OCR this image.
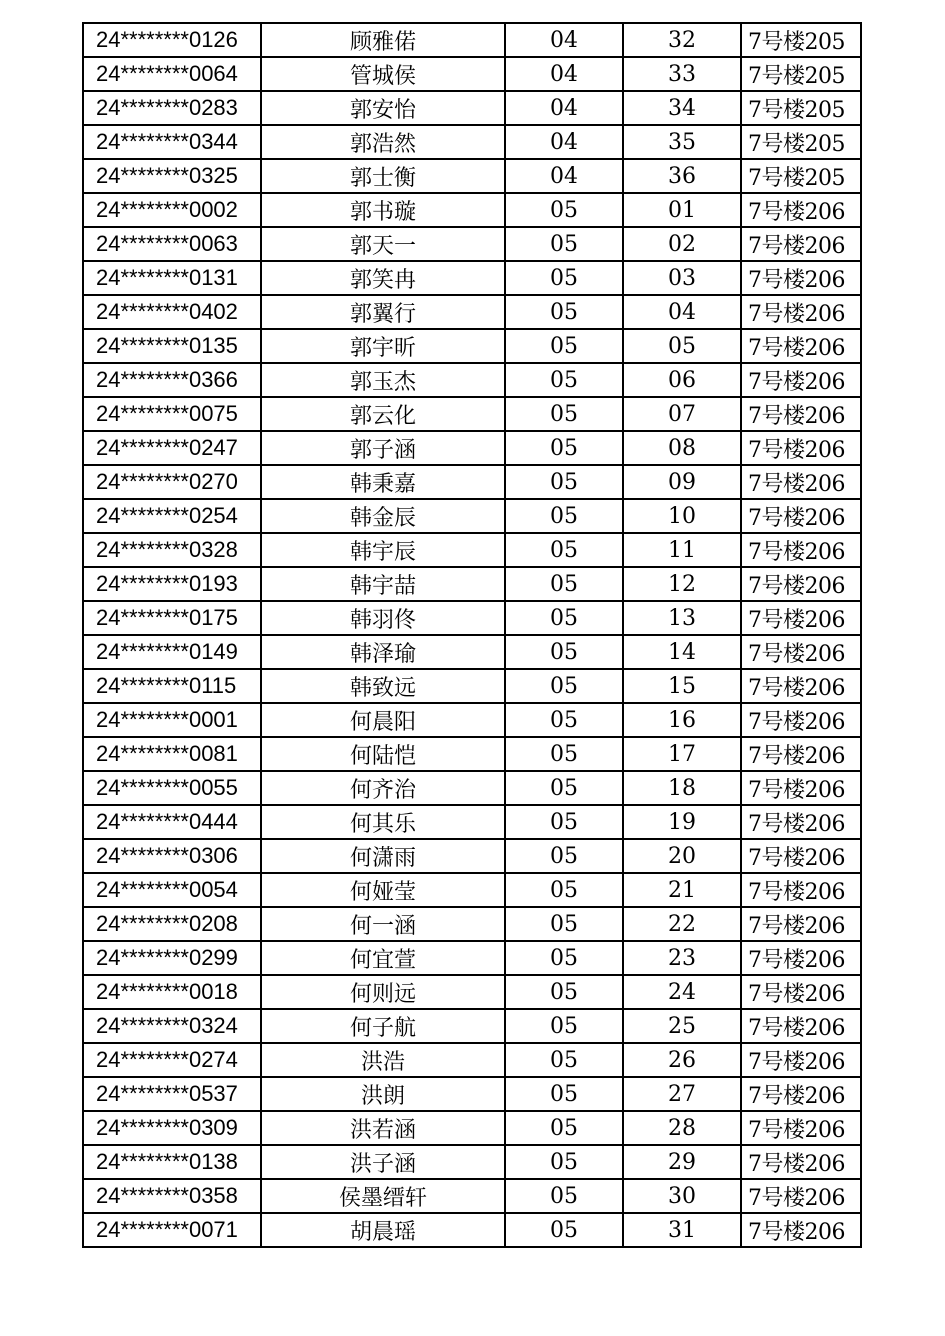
24********0126	顾雅偌	04	32	7号楼205
24********0064	管城侯	04	33	7号楼205
24********0283	郭安怡	04	34	7号楼205
24********0344	郭浩然	04	35	7号楼205
24********0325	郭士衡	04	36	7号楼205
24********0002	郭书璇	05	01	7号楼206
24********0063	郭天一	05	02	7号楼206
24********0131	郭笑冉	05	03	7号楼206
24********0402	郭翼行	05	04	7号楼206
24********0135	郭宇昕	05	05	7号楼206
24********0366	郭玉杰	05	06	7号楼206
24********0075	郭云化	05	07	7号楼206
24********0247	郭子涵	05	08	7号楼206
24********0270	韩秉嘉	05	09	7号楼206
24********0254	韩金辰	05	10	7号楼206
24********0328	韩宇辰	05	11	7号楼206
24********0193	韩宇喆	05	12	7号楼206
24********0175	韩羽佟	05	13	7号楼206
24********0149	韩泽瑜	05	14	7号楼206
24********0115	韩致远	05	15	7号楼206
24********0001	何晨阳	05	16	7号楼206
24********0081	何陆恺	05	17	7号楼206
24********0055	何齐治	05	18	7号楼206
24********0444	何其乐	05	19	7号楼206
24********0306	何潇雨	05	20	7号楼206
24********0054	何娅莹	05	21	7号楼206
24********0208	何一涵	05	22	7号楼206
24********0299	何宜萱	05	23	7号楼206
24********0018	何则远	05	24	7号楼206
24********0324	何子航	05	25	7号楼206
24********0274	洪浩	05	26	7号楼206
24********0537	洪朗	05	27	7号楼206
24********0309	洪若涵	05	28	7号楼206
24********0138	洪子涵	05	29	7号楼206
24********0358	侯墨缙轩	05	30	7号楼206
24********0071	胡晨瑶	05	31	7号楼206
